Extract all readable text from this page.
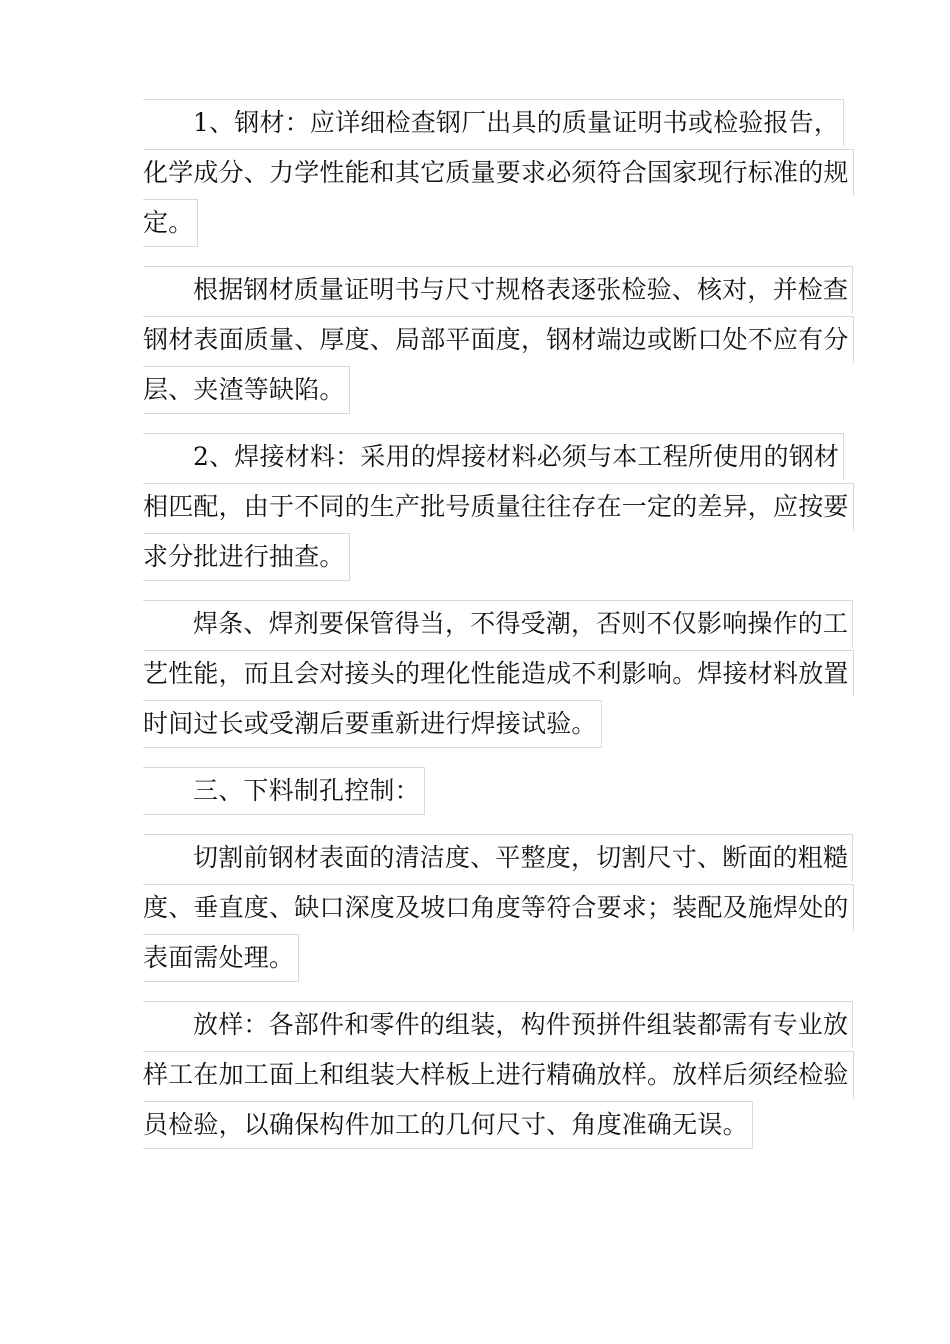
1、钢材：应详细检查钢厂出具的质量证明书或检验报告，
化学成分、力学性能和其它质量要求必须符合国家现行标准的规
定。
根据钢材质量证明书与尺寸规格表逐张检验、核对，并检查
钢材表面质量、厚度、局部平面度，钢材端边或断口处不应有分
层、夹渣等缺陷。
2、焊接材料：采用的焊接材料必须与本工程所使用的钢材
相匹配，由于不同的生产批号质量往往存在一定的差异，应按要
求分批进行抽查。
焊条、焊剂要保管得当，不得受潮，否则不仅影响操作的工
艺性能，而且会对接头的理化性能造成不利影响。焊接材料放置
时间过长或受潮后要重新进行焊接试验。
三、下料制孔控制：
切割前钢材表面的清洁度、平整度，切割尺寸、断面的粗糙
度、垂直度、缺口深度及坡口角度等符合要求；装配及施焊处的
表面需处理。
放样：各部件和零件的组装，构件预拼件组装都需有专业放
样工在加工面上和组装大样板上进行精确放样。放样后须经检验
员检验，以确保构件加工的几何尺寸、角度准确无误。
